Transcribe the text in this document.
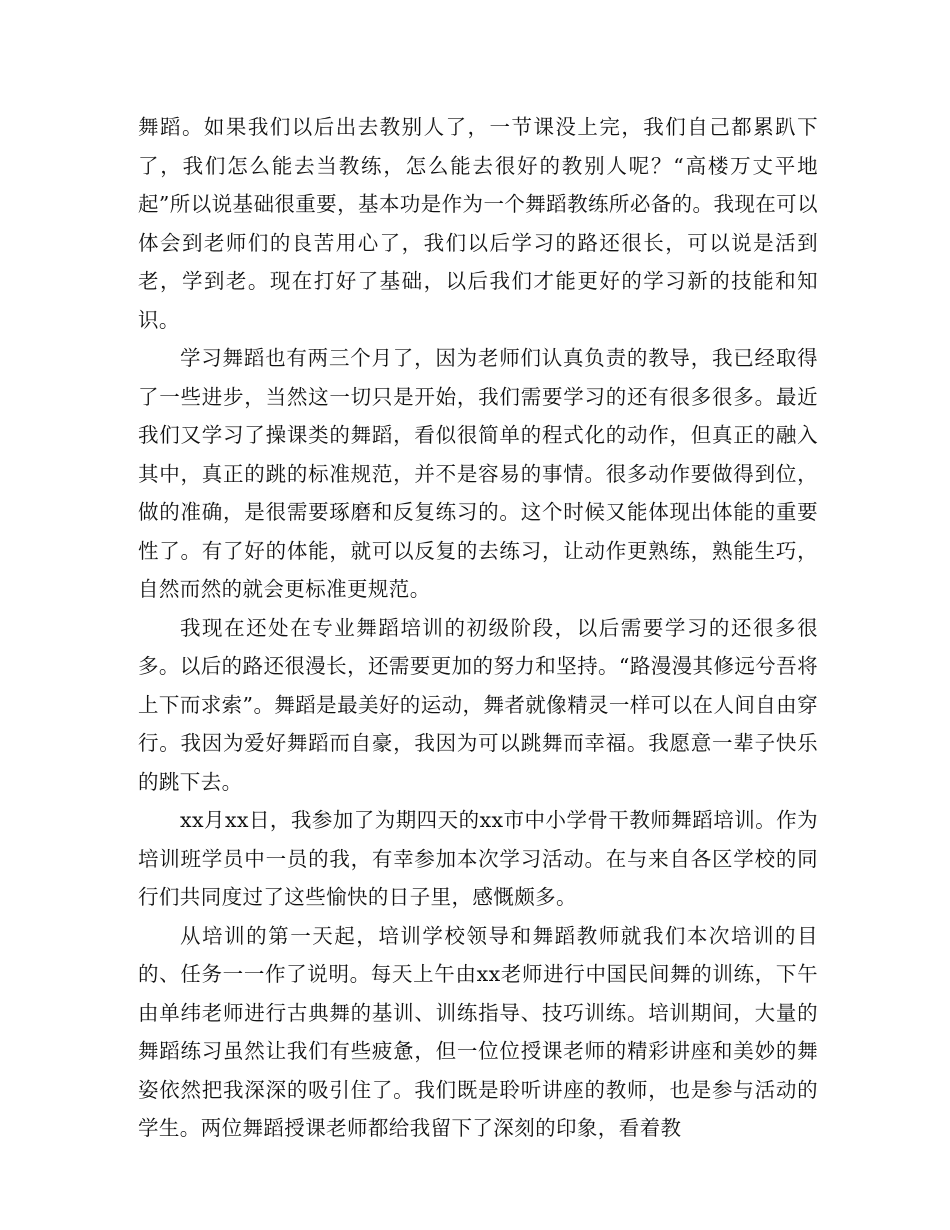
舞蹈。如果我们以后出去教别人了，一节课没上完，我们自己都累趴下了，我们怎么能去当教练，怎么能去很好的教别人呢？“高楼万丈平地起”所以说基础很重要，基本功是作为一个舞蹈教练所必备的。我现在可以体会到老师们的良苦用心了，我们以后学习的路还很长，可以说是活到老，学到老。现在打好了基础，以后我们才能更好的学习新的技能和知识。

学习舞蹈也有两三个月了，因为老师们认真负责的教导，我已经取得了一些进步，当然这一切只是开始，我们需要学习的还有很多很多。最近我们又学习了操课类的舞蹈，看似很简单的程式化的动作，但真正的融入其中，真正的跳的标准规范，并不是容易的事情。很多动作要做得到位，做的准确，是很需要琢磨和反复练习的。这个时候又能体现出体能的重要性了。有了好的体能，就可以反复的去练习，让动作更熟练，熟能生巧，自然而然的就会更标准更规范。

我现在还处在专业舞蹈培训的初级阶段，以后需要学习的还很多很多。以后的路还很漫长，还需要更加的努力和坚持。“路漫漫其修远兮吾将上下而求索”。舞蹈是最美好的运动，舞者就像精灵一样可以在人间自由穿行。我因为爱好舞蹈而自豪，我因为可以跳舞而幸福。我愿意一辈子快乐的跳下去。

xx月xx日，我参加了为期四天的xx市中小学骨干教师舞蹈培训。作为培训班学员中一员的我，有幸参加本次学习活动。在与来自各区学校的同行们共同度过了这些愉快的日子里，感慨颇多。

从培训的第一天起，培训学校领导和舞蹈教师就我们本次培训的目的、任务一一作了说明。每天上午由xx老师进行中国民间舞的训练，下午由单纬老师进行古典舞的基训、训练指导、技巧训练。培训期间，大量的舞蹈练习虽然让我们有些疲惫，但一位位授课老师的精彩讲座和美妙的舞姿依然把我深深的吸引住了。我们既是聆听讲座的教师，也是参与活动的学生。两位舞蹈授课老师都给我留下了深刻的印象，看着教
